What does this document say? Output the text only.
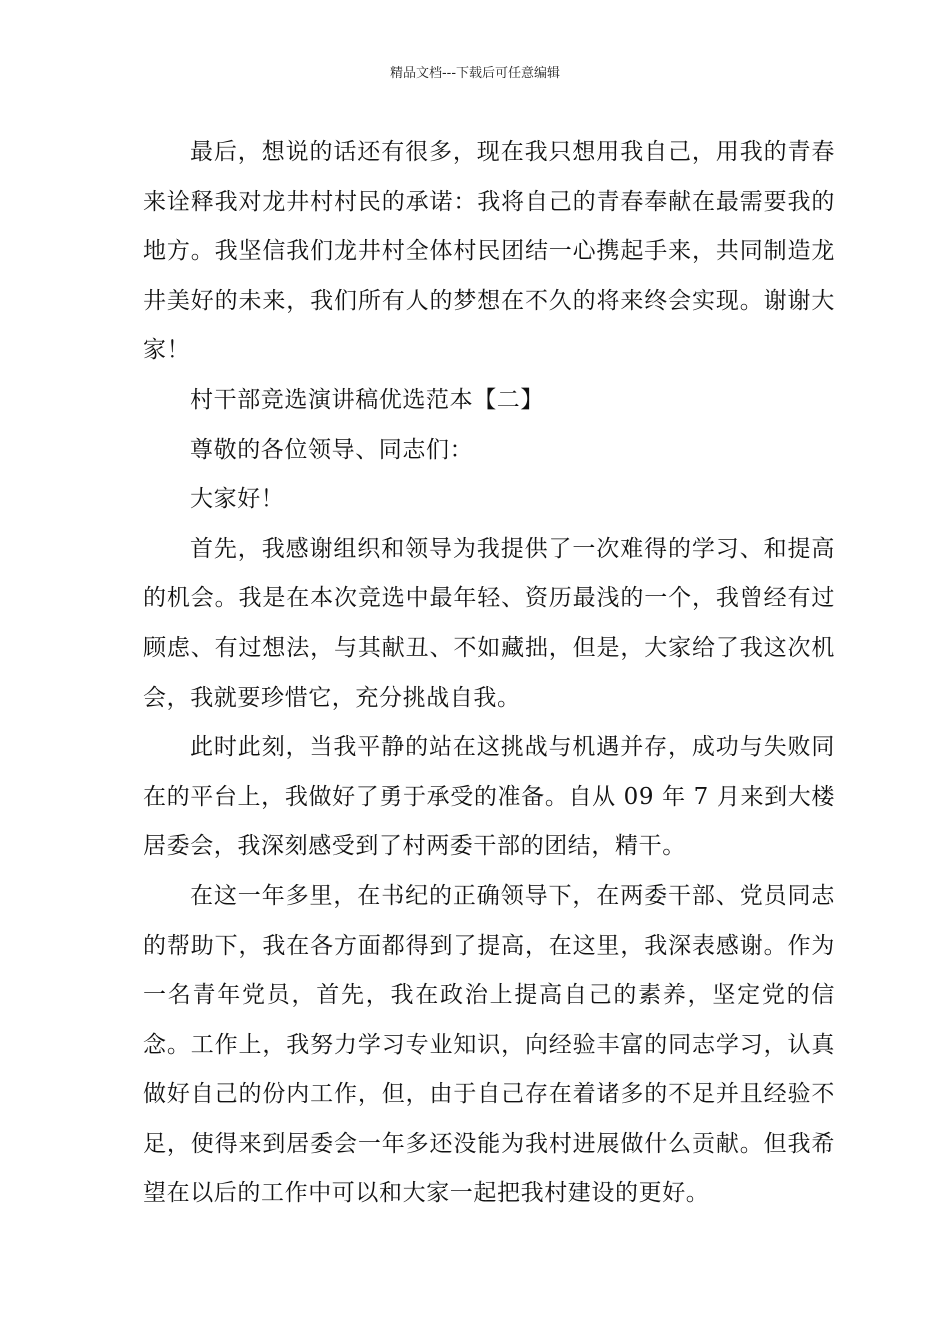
精品文档---下载后可任意编辑

最后，想说的话还有很多，现在我只想用我自己，用我的青春来诠释我对龙井村村民的承诺：我将自己的青春奉献在最需要我的地方。我坚信我们龙井村全体村民团结一心携起手来，共同制造龙井美好的未来，我们所有人的梦想在不久的将来终会实现。谢谢大家！

村干部竞选演讲稿优选范本【二】

尊敬的各位领导、同志们：

大家好！

首先，我感谢组织和领导为我提供了一次难得的学习、和提高的机会。我是在本次竞选中最年轻、资历最浅的一个，我曾经有过顾虑、有过想法，与其献丑、不如藏拙，但是，大家给了我这次机会，我就要珍惜它，充分挑战自我。

此时此刻，当我平静的站在这挑战与机遇并存，成功与失败同在的平台上，我做好了勇于承受的准备。自从 09 年 7 月来到大楼居委会，我深刻感受到了村两委干部的团结，精干。

在这一年多里，在书纪的正确领导下，在两委干部、党员同志的帮助下，我在各方面都得到了提高，在这里，我深表感谢。作为一名青年党员，首先，我在政治上提高自己的素养，坚定党的信念。工作上，我努力学习专业知识，向经验丰富的同志学习，认真做好自己的份内工作，但，由于自己存在着诸多的不足并且经验不足，使得来到居委会一年多还没能为我村进展做什么贡献。但我希望在以后的工作中可以和大家一起把我村建设的更好。
